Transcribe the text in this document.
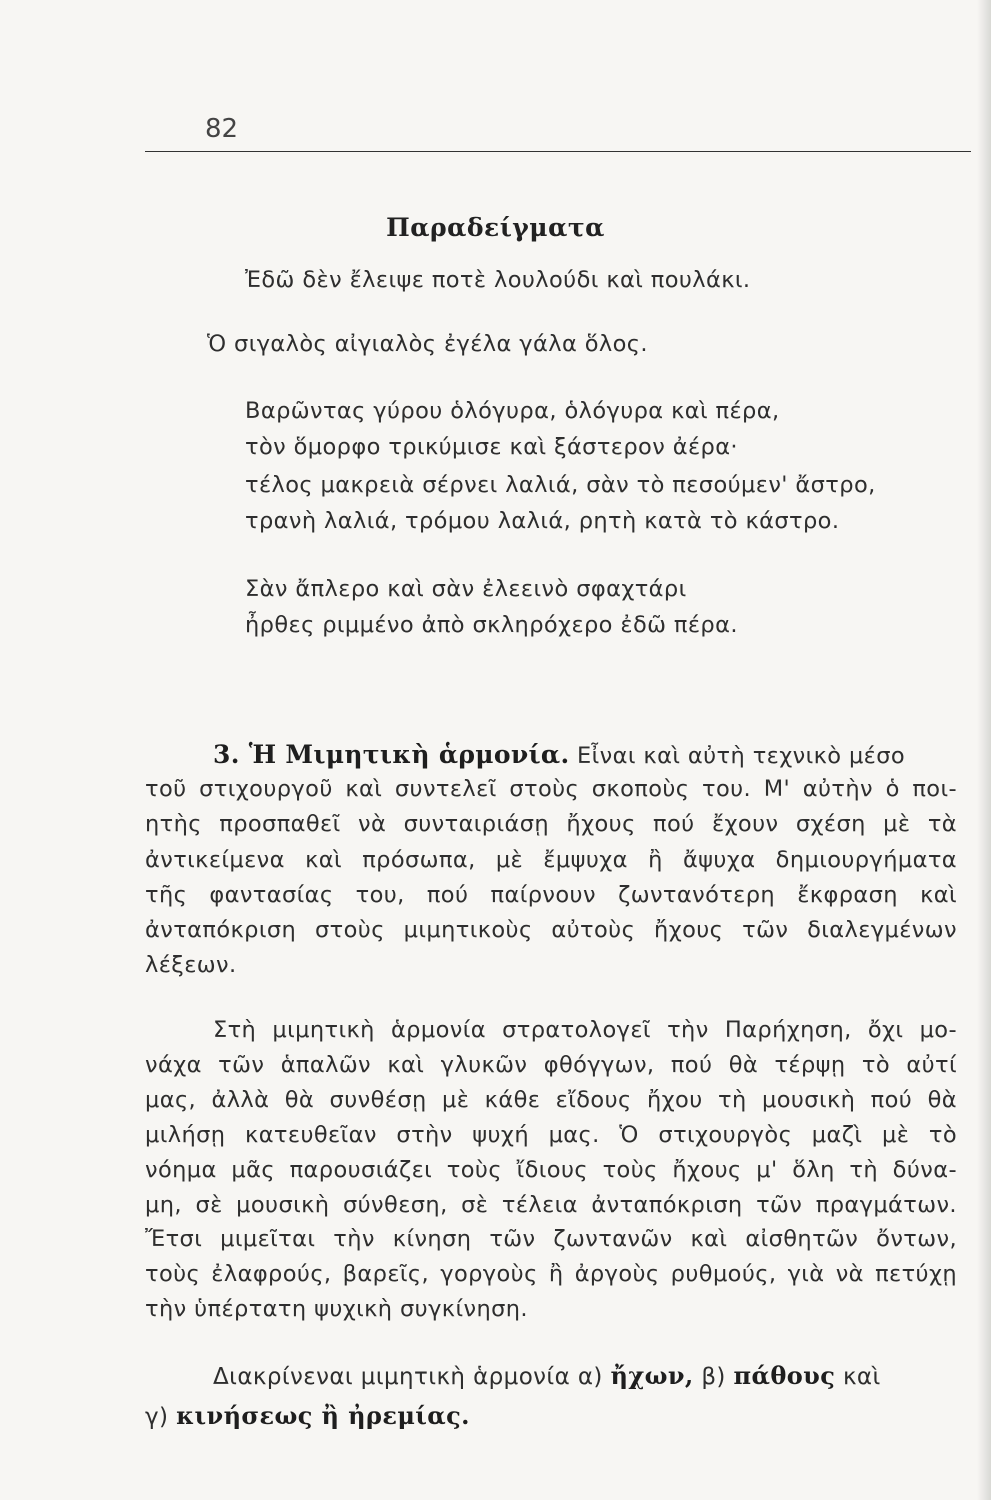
82
Παραδείγματα
Ἐδῶ δὲν ἔλειψε ποτὲ λουλούδι καὶ πουλάκι.
Ὁ σιγαλὸς αἰγιαλὸς ἐγέλα γάλα ὅλος.
Βαρῶντας γύρου ὁλόγυρα, ὁλόγυρα καὶ πέρα,
τὸν ὅμορφο τρικύμισε καὶ ξάστερον ἀέρα·
τέλος μακρειὰ σέρνει λαλιά, σὰν τὸ πεσούμεν' ἄστρο,
τρανὴ λαλιά, τρόμου λαλιά, ρητὴ κατὰ τὸ κάστρο.
Σὰν ἄπλερο καὶ σὰν ἐλεεινὸ σφαχτάρι
ἦρθες ριμμένο ἀπὸ σκληρόχερο ἐδῶ πέρα.
3. Ἡ Μιμητικὴ ἁρμονία. Εἶναι καὶ αὐτὴ τεχνικὸ μέσο
τοῦ στιχουργοῦ καὶ συντελεῖ στοὺς σκοποὺς του. Μ' αὐτὴν ὁ ποι-
ητὴς προσπαθεῖ νὰ συνταιριάσῃ ἤχους πού ἔχουν σχέση μὲ τὰ
ἀντικείμενα καὶ πρόσωπα, μὲ ἔμψυχα ἢ ἄψυχα δημιουργήματα
τῆς φαντασίας του, πού παίρνουν ζωντανότερη ἔκφραση καὶ
ἀνταπόκριση στοὺς μιμητικοὺς αὐτοὺς ἤχους τῶν διαλεγμένων
λέξεων.
Στὴ μιμητικὴ ἁρμονία στρατολογεῖ τὴν Παρήχηση, ὄχι μο-
νάχα τῶν ἁπαλῶν καὶ γλυκῶν φθόγγων, πού θὰ τέρψῃ τὸ αὐτί
μας, ἀλλὰ θὰ συνθέσῃ μὲ κάθε εἴδους ἤχου τὴ μουσικὴ πού θὰ
μιλήσῃ κατευθεῖαν στὴν ψυχή μας. Ὁ στιχουργὸς μαζὶ μὲ τὸ
νόημα μᾶς παρουσιάζει τοὺς ἴδιους τοὺς ἤχους μ' ὅλη τὴ δύνα-
μη, σὲ μουσικὴ σύνθεση, σὲ τέλεια ἀνταπόκριση τῶν πραγμάτων.
Ἔτσι μιμεῖται τὴν κίνηση τῶν ζωντανῶν καὶ αἰσθητῶν ὄντων,
τοὺς ἐλαφρούς, βαρεῖς, γοργοὺς ἢ ἀργοὺς ρυθμούς, γιὰ νὰ πετύχῃ
τὴν ὑπέρτατη ψυχικὴ συγκίνηση.
Διακρίνεναι μιμητικὴ ἁρμονία α) ἤχων, β) πάθους καὶ
γ) κινήσεως ἢ ἠρεμίας.
